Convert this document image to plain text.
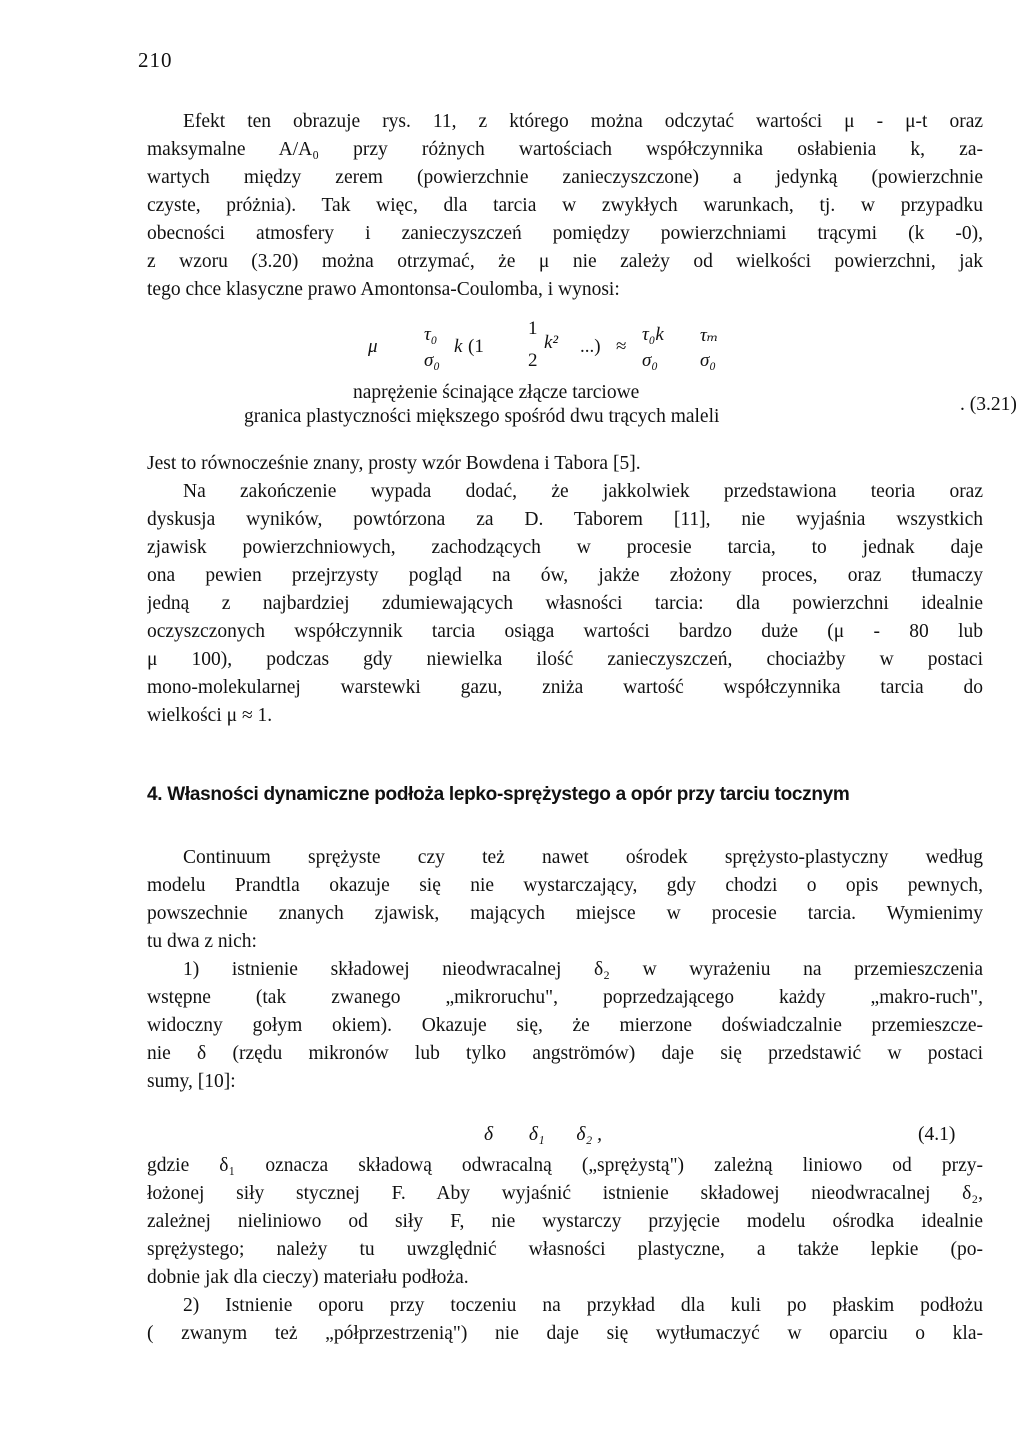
210
Efekt ten obrazuje rys. 11, z którego można odczytać wartości μ - μ-t oraz
maksymalne A/A₀ przy różnych wartościach współczynnika osłabienia k, za-
wartych między zerem (powierzchnie zanieczyszczone) a jedynką (powierzchnie
czyste, próżnia). Tak więc, dla tarcia w zwykłych warunkach, tj. w przypadku
obecności atmosfery i zanieczyszczeń pomiędzy powierzchniami trącymi (k -0),
z wzoru (3.20) można otrzymać, że μ nie zależy od wielkości powierzchni, jak
tego chce klasyczne prawo Amontonsa-Coulomba, i wynosi:
μ
τ₀
σ₀
k (1
1
2
k² ...) ≈
τ₀k
σ₀
τₘ
σ₀
naprężenie ścinające złącze tarciowe
granica plastyczności miększego spośród dwu trących maleli
. (3.21)
Jest to równocześnie znany, prosty wzór Bowdena i Tabora [5].
Na zakończenie wypada dodać, że jakkolwiek przedstawiona teoria oraz
dyskusja wyników, powtórzona za D. Taborem [11], nie wyjaśnia wszystkich
zjawisk powierzchniowych, zachodzących w procesie tarcia, to jednak daje
ona pewien przejrzysty pogląd na ów, jakże złożony proces, oraz tłumaczy
jedną z najbardziej zdumiewających własności tarcia: dla powierzchni idealnie
oczyszczonych współczynnik tarcia osiąga wartości bardzo duże (μ - 80 lub
μ 100), podczas gdy niewielka ilość zanieczyszczeń, chociażby w postaci
mono-molekularnej warstewki gazu, zniża wartość współczynnika tarcia do
wielkości μ ≈ 1.
4. Własności dynamiczne podłoża lepko-sprężystego a opór przy tarciu tocznym
Continuum sprężyste czy też nawet ośrodek sprężysto-plastyczny według
modelu Prandtla okazuje się nie wystarczający, gdy chodzi o opis pewnych,
powszechnie znanych zjawisk, mających miejsce w procesie tarcia. Wymienimy
tu dwa z nich:
1) istnienie składowej nieodwracalnej δ₂ w wyrażeniu na przemieszczenia
wstępne (tak zwanego „mikroruchu", poprzedzającego każdy „makro-ruch",
widoczny gołym okiem). Okazuje się, że mierzone doświadczalnie przemieszcze-
nie δ (rzędu mikronów lub tylko angströmów) daje się przedstawić w postaci
sumy, [10]:
δ δ₁ δ₂ ,	(4.1)
gdzie δ₁ oznacza składową odwracalną („sprężystą") zależną liniowo od przy-
łożonej siły stycznej F. Aby wyjaśnić istnienie składowej nieodwracalnej δ₂,
zależnej nieliniowo od siły F, nie wystarczy przyjęcie modelu ośrodka idealnie
sprężystego; należy tu uwzględnić własności plastyczne, a także lepkie (po-
dobnie jak dla cieczy) materiału podłoża.
2) Istnienie oporu przy toczeniu na przykład dla kuli po płaskim podłożu
( zwanym też „półprzestrzenią") nie daje się wytłumaczyć w oparciu o kla-
